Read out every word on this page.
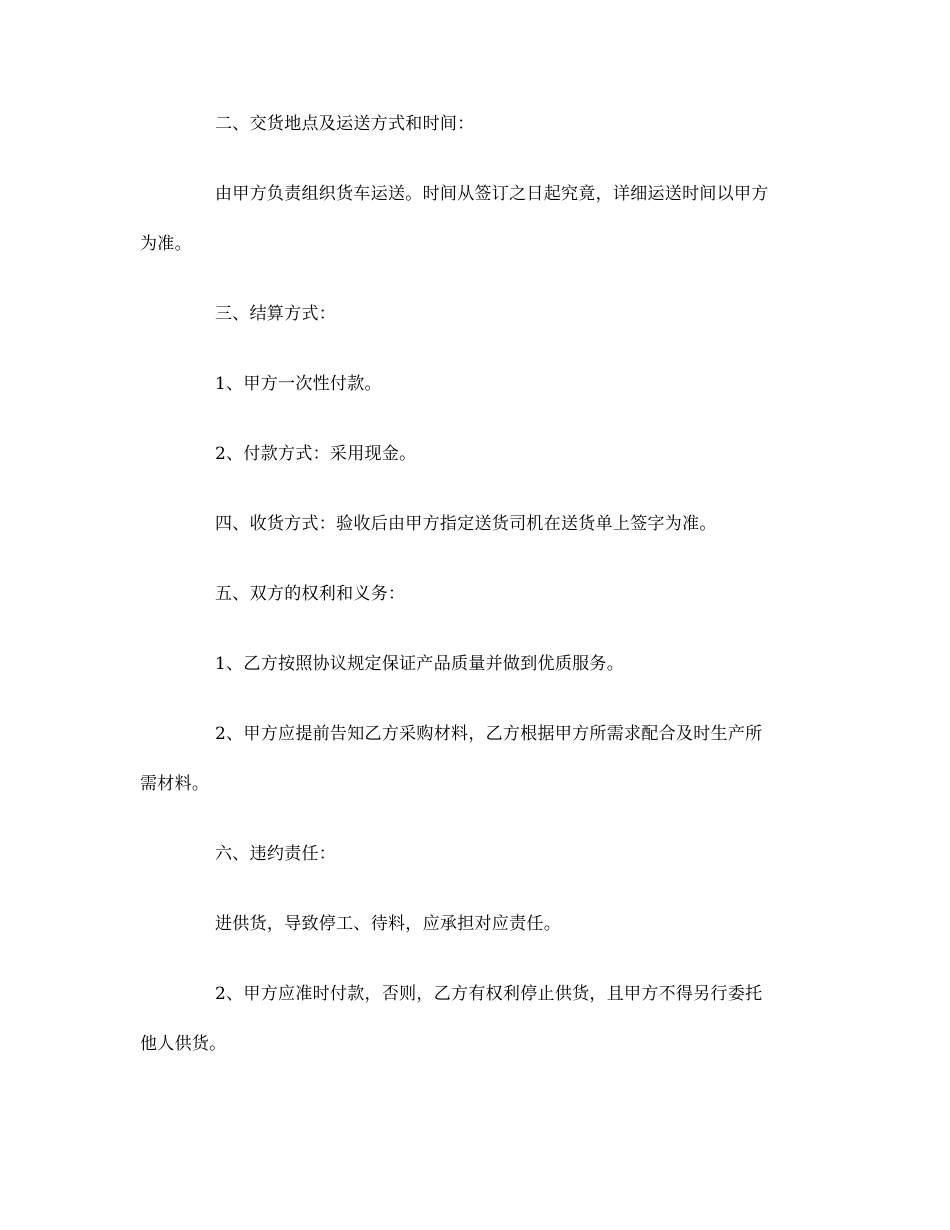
二、交货地点及运送方式和时间：
由甲方负责组织货车运送。时间从签订之日起究竟，详细运送时间以甲方
为准。
三、结算方式：
1、甲方一次性付款。
2、付款方式：采用现金。
四、收货方式：验收后由甲方指定送货司机在送货单上签字为准。
五、双方的权利和义务：
1、乙方按照协议规定保证产品质量并做到优质服务。
2、甲方应提前告知乙方采购材料，乙方根据甲方所需求配合及时生产所
需材料。
六、违约责任：
进供货，导致停工、待料，应承担对应责任。
2、甲方应准时付款，否则，乙方有权利停止供货，且甲方不得另行委托
他人供货。
